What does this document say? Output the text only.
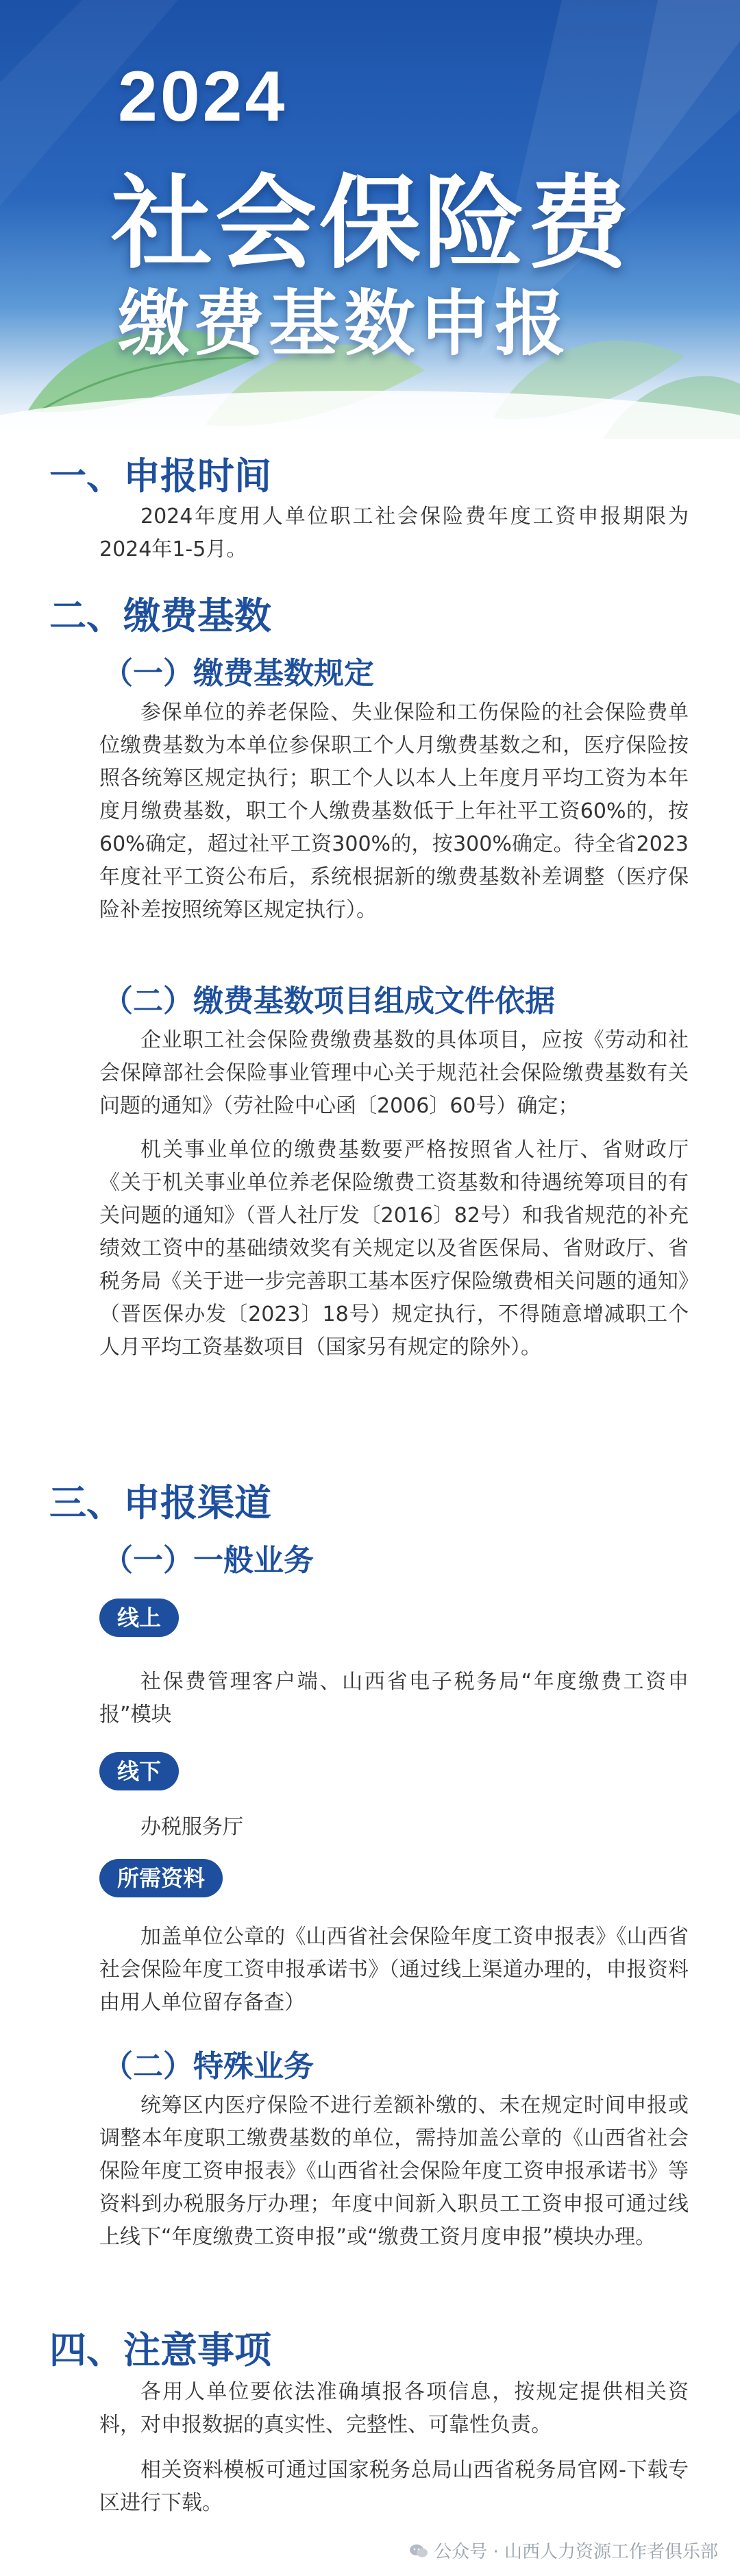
2024
社会保险费
缴费基数申报
一、申报时间

2024年度用人单位职工社会保险费年度工资申报期限为2024年1-5月。

二、缴费基数
（一）缴费基数规定

参保单位的养老保险、失业保险和工伤保险的社会保险费单位缴费基数为本单位参保职工个人月缴费基数之和，医疗保险按照各统筹区规定执行；职工个人以本人上年度月平均工资为本年度月缴费基数，职工个人缴费基数低于上年社平工资60%的，按60%确定，超过社平工资300%的，按300%确定。待全省2023年度社平工资公布后，系统根据新的缴费基数补差调整（医疗保险补差按照统筹区规定执行）。

（二）缴费基数项目组成文件依据

企业职工社会保险费缴费基数的具体项目，应按《劳动和社会保障部社会保险事业管理中心关于规范社会保险缴费基数有关问题的通知》（劳社险中心函〔2006〕60号）确定；

机关事业单位的缴费基数要严格按照省人社厅、省财政厅《关于机关事业单位养老保险缴费工资基数和待遇统筹项目的有关问题的通知》（晋人社厅发〔2016〕82号）和我省规范的补充绩效工资中的基础绩效奖有关规定以及省医保局、省财政厅、省税务局《关于进一步完善职工基本医疗保险缴费相关问题的通知》（晋医保办发〔2023〕18号）规定执行，不得随意增减职工个人月平均工资基数项目（国家另有规定的除外）。

三、申报渠道
（一）一般业务
线上

社保费管理客户端、山西省电子税务局“年度缴费工资申报”模块

线下

办税服务厅

所需资料

加盖单位公章的《山西省社会保险年度工资申报表》《山西省社会保险年度工资申报承诺书》（通过线上渠道办理的，申报资料由用人单位留存备查）

（二）特殊业务

统筹区内医疗保险不进行差额补缴的、未在规定时间申报或调整本年度职工缴费基数的单位，需持加盖公章的《山西省社会保险年度工资申报表》《山西省社会保险年度工资申报承诺书》等资料到办税服务厅办理；年度中间新入职员工工资申报可通过线上线下“年度缴费工资申报”或“缴费工资月度申报”模块办理。

四、注意事项

各用人单位要依法准确填报各项信息，按规定提供相关资料，对申报数据的真实性、完整性、可靠性负责。

相关资料模板可通过国家税务总局山西省税务局官网-下载专区进行下载。

公众号 · 山西人力资源工作者俱乐部
